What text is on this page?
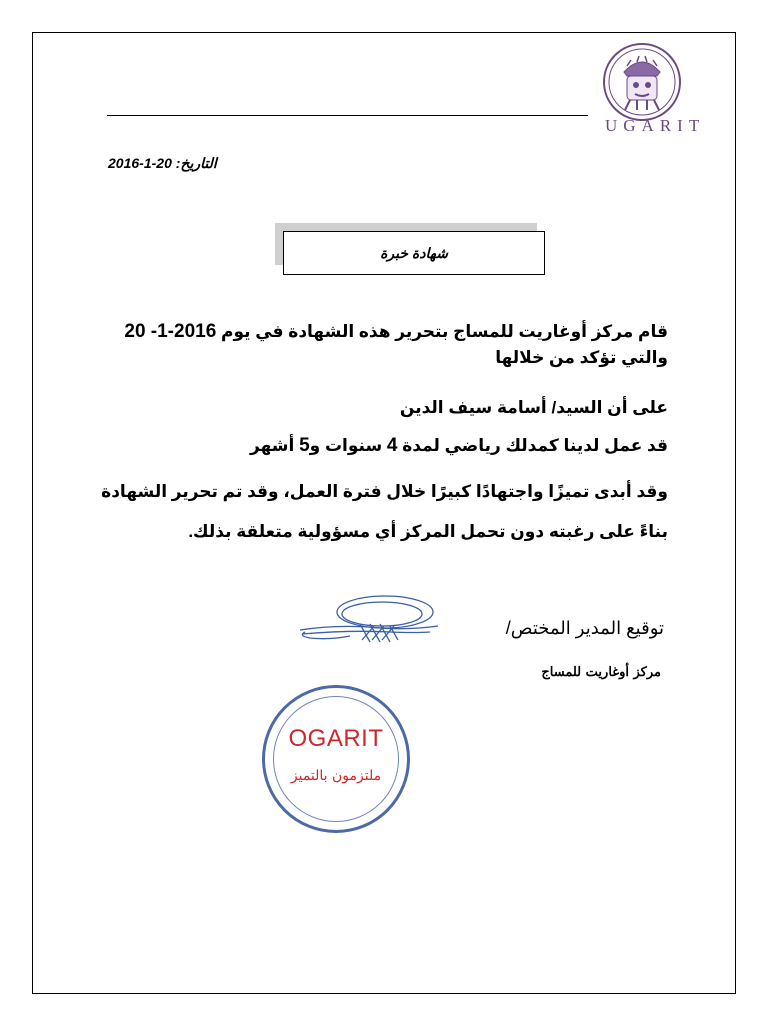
UGARIT
التاريخ: 20-1-2016
شهادة خبرة
قام مركز أوغاريت للمساج بتحرير هذه الشهادة في يوم 20 -1-2016
والتي تؤكد من خلالها
على أن السيد/ أسامة سيف الدين
قد عمل لدينا كمدلك رياضي لمدة 4 سنوات و5 أشهر
وقد أبدى تميزًا واجتهادًا كبيرًا خلال فترة العمل، وقد تم تحرير الشهادة
بناءً على رغبته دون تحمل المركز أي مسؤولية متعلقة بذلك.
توقيع المدير المختص/
مركز أوغاريت للمساج
OGARIT
ملتزمون بالتميز
